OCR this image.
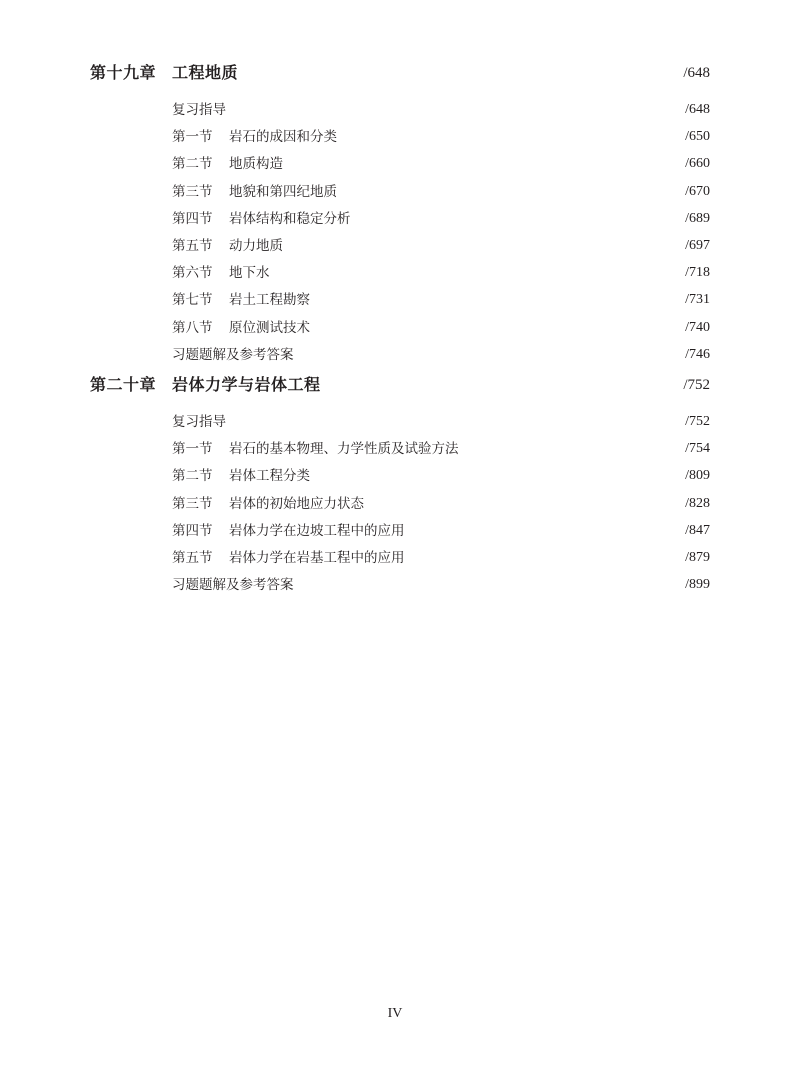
第十九章 工程地质	/648
复习指导	/648
第一节 岩石的成因和分类	/650
第二节 地质构造	/660
第三节 地貌和第四纪地质	/670
第四节 岩体结构和稳定分析	/689
第五节 动力地质	/697
第六节 地下水	/718
第七节 岩土工程勘察	/731
第八节 原位测试技术	/740
习题题解及参考答案	/746
第二十章 岩体力学与岩体工程	/752
复习指导	/752
第一节 岩石的基本物理、力学性质及试验方法	/754
第二节 岩体工程分类	/809
第三节 岩体的初始地应力状态	/828
第四节 岩体力学在边坡工程中的应用	/847
第五节 岩体力学在岩基工程中的应用	/879
习题题解及参考答案	/899
IV
